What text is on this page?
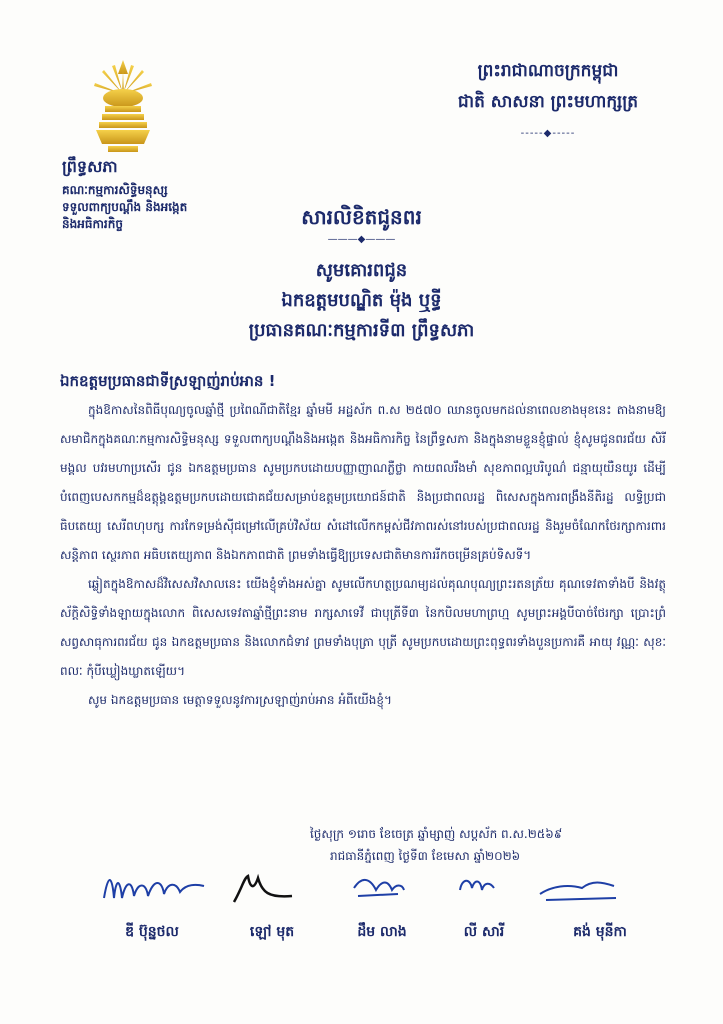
ព្រឹទ្ធសភា
គណៈកម្មការសិទ្ធិមនុស្ស
ទទួលពាក្យបណ្តឹង និងអង្កេត
និងអធិការកិច្ច
ព្រះរាជាណាចក្រកម្ពុជា
ជាតិ សាសនា ព្រះមហាក្សត្រ
-----◆-----
សារលិខិតជូនពរ
———◆———
សូមគោរពជូន
ឯកឧត្តមបណ្ឌិត ម៉ុង ឬទ្ធី
ប្រធានគណៈកម្មការទី៣ ព្រឹទ្ធសភា
ឯកឧត្តមប្រធានជាទីស្រឡាញ់រាប់អាន !

ក្នុងឱកាសនៃពិធីបុណ្យចូលឆ្នាំថ្មី ប្រពៃណីជាតិខ្មែរ ឆ្នាំមមី អដ្ឋស័ក ព.ស ២៥៧០ ឈានចូលមកដល់នាពេលខាងមុខនេះ តាងនាមឱ្យសមាជិកក្នុងគណៈកម្មការសិទ្ធិមនុស្ស ទទួលពាក្យបណ្តឹងនិងអង្កេត និងអធិការកិច្ច នៃព្រឹទ្ធសភា និងក្នុងនាមខ្លួនខ្ញុំផ្ទាល់ ខ្ញុំសូមជូនពរជ័យ សិរីមង្គល បវរមហាប្រសើរ ជូន ឯកឧត្តមប្រធាន សូមប្រកបដោយបញ្ញាញាណភ្លឺថ្លា កាយពលរឹងមាំ សុខភាពល្អបរិបូណ៌ ជន្មាយុយឺនយូរ ដើម្បីបំពេញបេសកកម្មដ៏ឧត្តុង្គឧត្តមប្រកបដោយជោគជ័យសម្រាប់ឧត្តមប្រយោជន៍ជាតិ និងប្រជាពលរដ្ឋ ពិសេសក្នុងការពង្រឹងនីតិរដ្ឋ លទ្ធិប្រជាធិបតេយ្យ សេរីពហុបក្ស ការកែទម្រង់ស៊ីជម្រៅលើគ្រប់វិស័យ សំដៅលើកកម្ពស់ជីវភាពរស់នៅរបស់ប្រជាពលរដ្ឋ និងរួមចំណែកថែរក្សាការពារ សន្តិភាព ស្ថេរភាព អធិបតេយ្យភាព និងឯកភាពជាតិ ព្រមទាំងធ្វើឱ្យប្រទេសជាតិមានការរីកចម្រើនគ្រប់ទិសទី។

ឆ្លៀតក្នុងឱកាសដ៏វិសេសវិសាលនេះ យើងខ្ញុំទាំងអស់គ្នា សូមលើកហត្ថប្រណម្យដល់គុណបុណ្យព្រះរតនត្រ័យ គុណទេវតាទាំងបី និងវត្ថុស័ក្តិសិទ្ធិទាំងឡាយក្នុងលោក ពិសេសទេវតាឆ្នាំថ្មីព្រះនាម រាក្សសាទេវី ជាបុត្រីទី៣ នៃកបិលមហាព្រហ្ម សូមព្រះអង្គបីបាច់ថែរក្សា ប្រោះព្រំសព្វសាធុការពរជ័យ ជូន ឯកឧត្តមប្រធាន និងលោកជំទាវ ព្រមទាំងបុត្រា បុត្រី សូមប្រកបដោយព្រះពុទ្ធពរទាំងបួនប្រការគឺ អាយុ វណ្ណៈ សុខៈ ពលៈ កុំបីឃ្លៀងឃ្លាតឡើយ។

សូម ឯកឧត្តមប្រធាន មេត្តាទទួលនូវការស្រឡាញ់រាប់អាន អំពីយើងខ្ញុំ។

ថ្ងៃសុក្រ ១រោច ខែចេត្រ ឆ្នាំម្សាញ់ សប្តស័ក ព.ស.២៥៦៩
រាជធានីភ្នំពេញ ថ្ងៃទី៣ ខែមេសា ឆ្នាំ២០២៦
ឌី ប៊ុន្នថល	ឡៅ មុត	ដឹម លាង	លី សារី	គង់ មុនីកា
